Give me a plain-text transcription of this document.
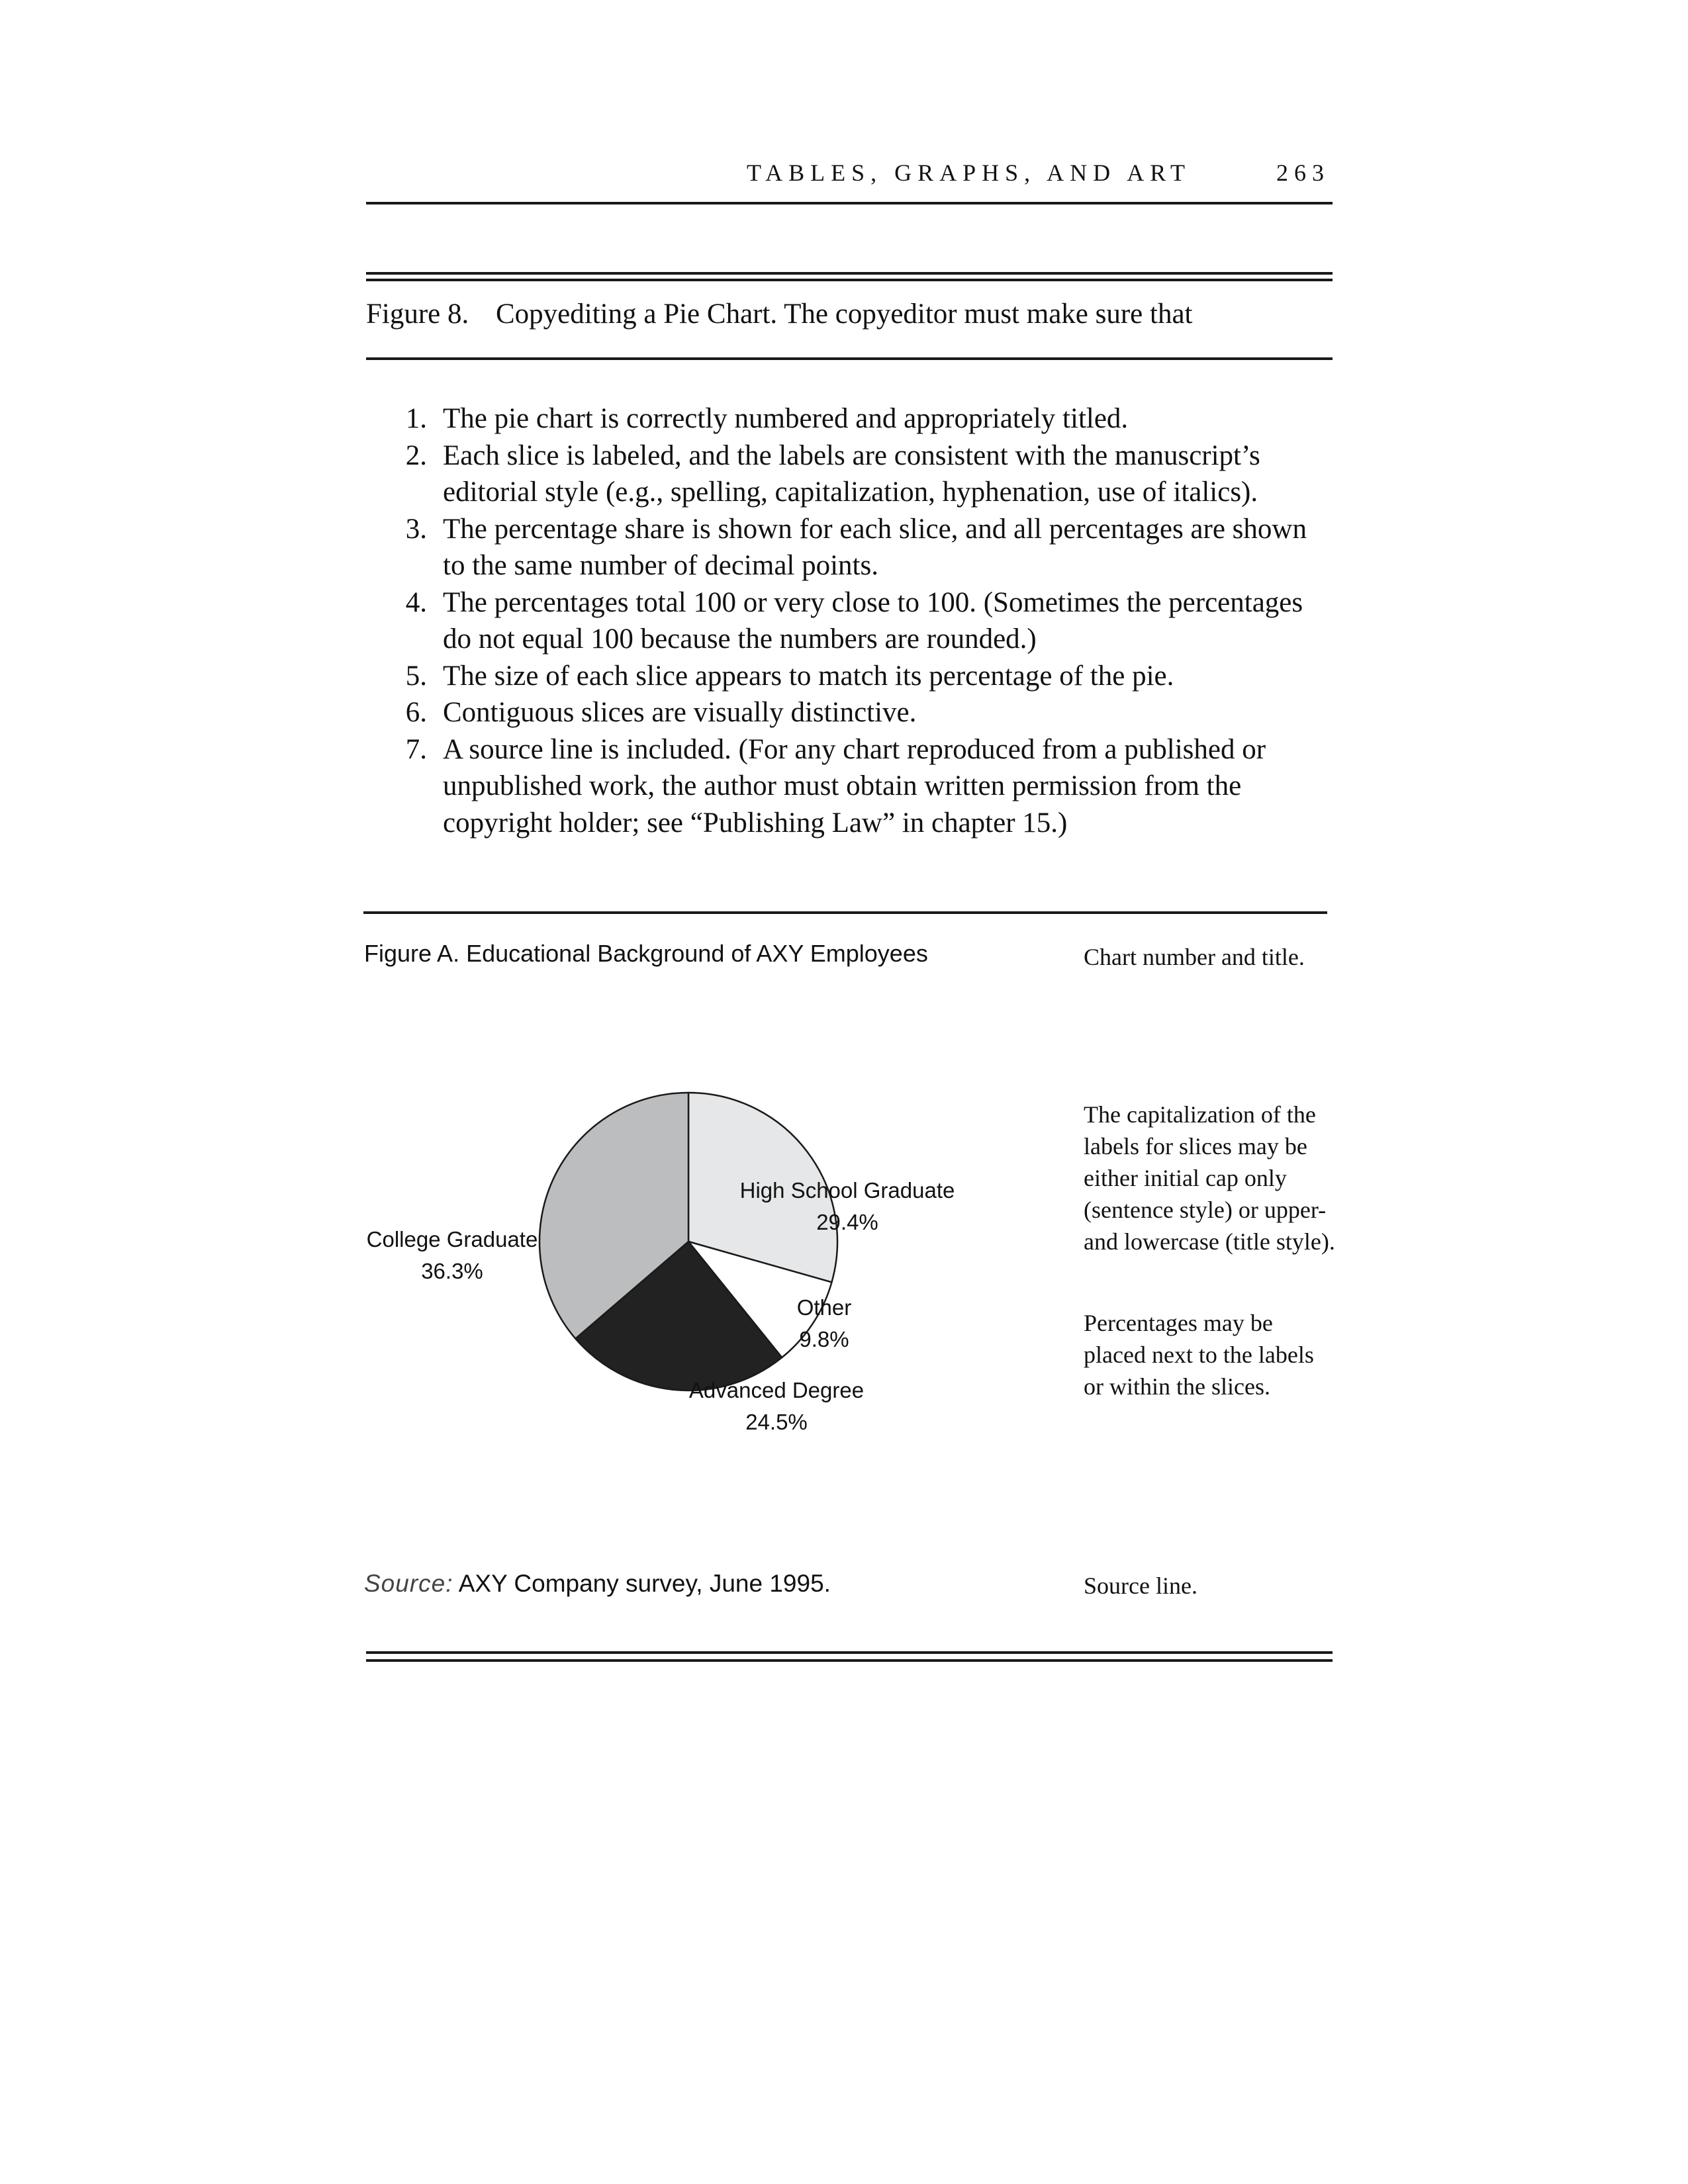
TABLES, GRAPHS, AND ART	263
Figure 8. Copyediting a Pie Chart. The copyeditor must make sure that
1. The pie chart is correctly numbered and appropriately titled.
2. Each slice is labeled, and the labels are consistent with the manuscript’s
editorial style (e.g., spelling, capitalization, hyphenation, use of italics).
3. The percentage share is shown for each slice, and all percentages are shown
to the same number of decimal points.
4. The percentages total 100 or very close to 100. (Sometimes the percentages
do not equal 100 because the numbers are rounded.)
5. The size of each slice appears to match its percentage of the pie.
6. Contiguous slices are visually distinctive.
7. A source line is included. (For any chart reproduced from a published or
unpublished work, the author must obtain written permission from the
copyright holder; see “Publishing Law” in chapter 15.)
Figure A. Educational Background of AXY Employees	Chart number and title.
High School Graduate
29.4%
Other
9.8%
Advanced Degree
24.5%
College Graduate
36.3%
The capitalization of the
labels for slices may be
either initial cap only
(sentence style) or upper-
and lowercase (title style).
Percentages may be
placed next to the labels
or within the slices.
Source: AXY Company survey, June 1995.	Source line.
